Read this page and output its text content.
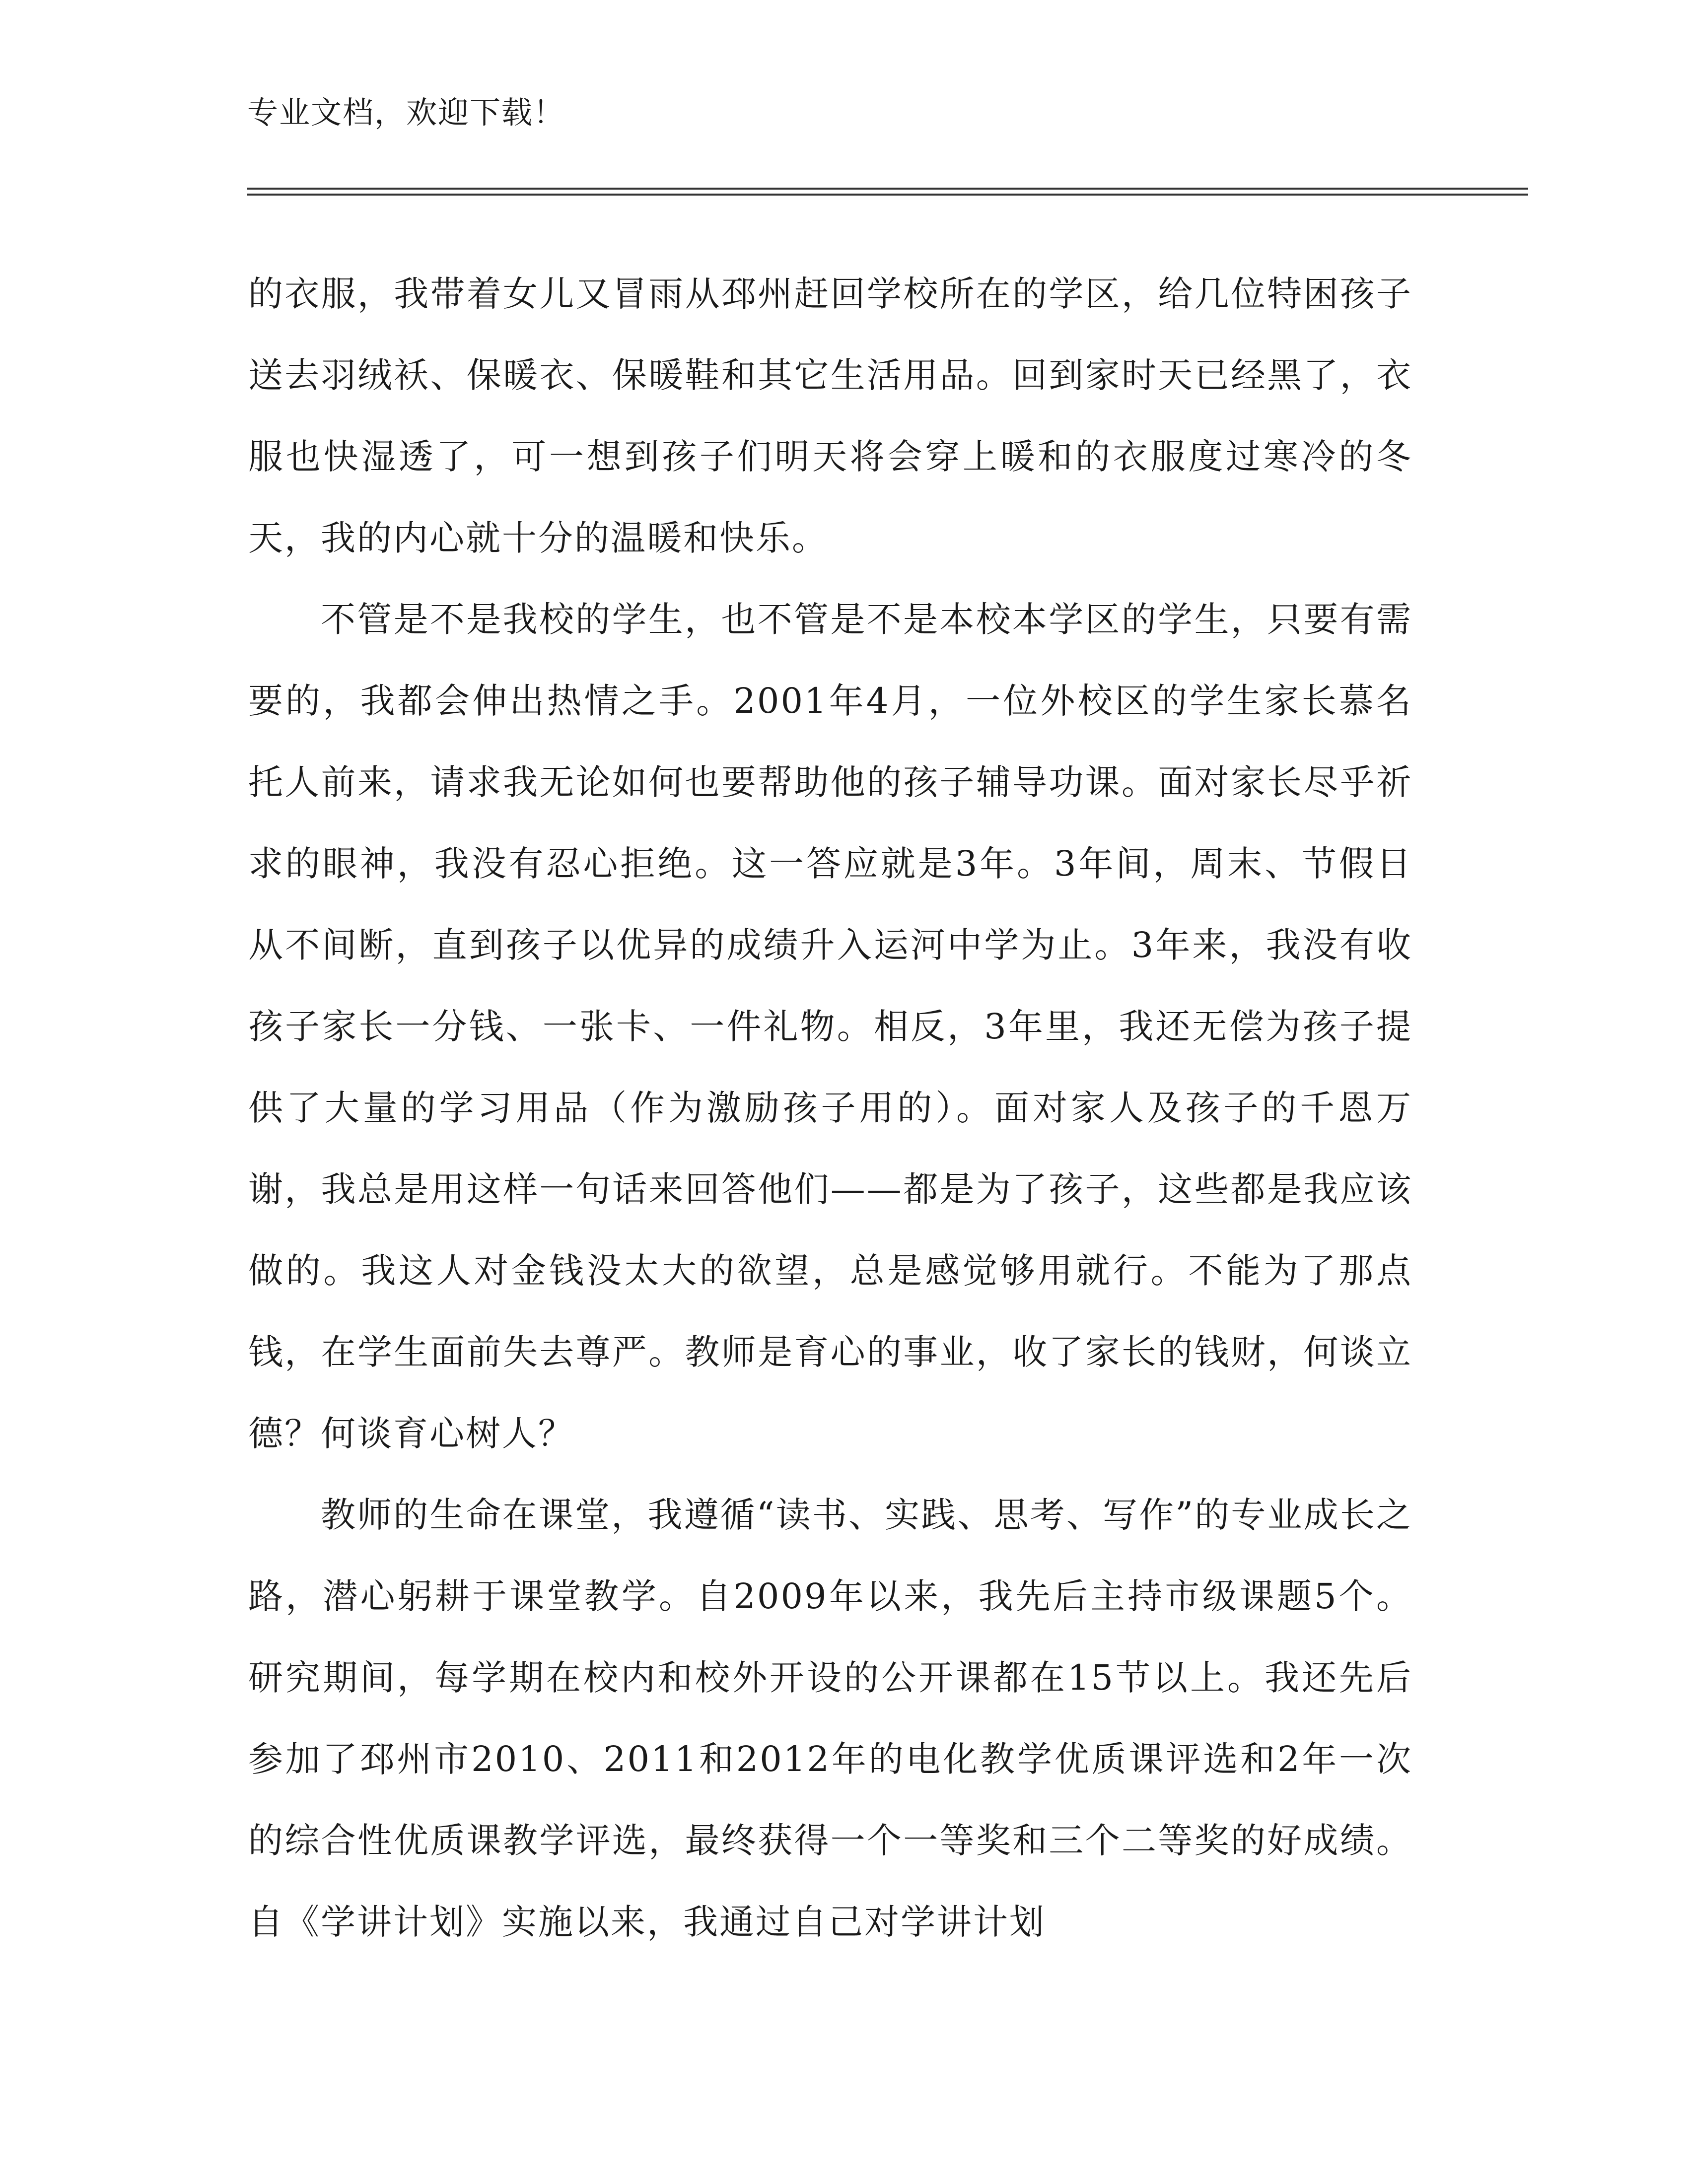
专业文档，欢迎下载！

的衣服，我带着女儿又冒雨从邳州赶回学校所在的学区，给几位特困孩子送去羽绒袄、保暖衣、保暖鞋和其它生活用品。回到家时天已经黑了，衣服也快湿透了，可一想到孩子们明天将会穿上暖和的衣服度过寒冷的冬天，我的内心就十分的温暖和快乐。

不管是不是我校的学生，也不管是不是本校本学区的学生，只要有需要的，我都会伸出热情之手。2001年4月，一位外校区的学生家长慕名托人前来，请求我无论如何也要帮助他的孩子辅导功课。面对家长尽乎祈求的眼神，我没有忍心拒绝。这一答应就是3年。3年间，周末、节假日从不间断，直到孩子以优异的成绩升入运河中学为止。3年来，我没有收孩子家长一分钱、一张卡、一件礼物。相反，3年里，我还无偿为孩子提供了大量的学习用品（作为激励孩子用的）。面对家人及孩子的千恩万谢，我总是用这样一句话来回答他们——都是为了孩子，这些都是我应该做的。我这人对金钱没太大的欲望，总是感觉够用就行。不能为了那点钱，在学生面前失去尊严。教师是育心的事业，收了家长的钱财，何谈立德？何谈育心树人？

教师的生命在课堂，我遵循“读书、实践、思考、写作”的专业成长之路，潜心躬耕于课堂教学。自2009年以来，我先后主持市级课题5个。研究期间，每学期在校内和校外开设的公开课都在15节以上。我还先后参加了邳州市2010、2011和2012年的电化教学优质课评选和2年一次的综合性优质课教学评选，最终获得一个一等奖和三个二等奖的好成绩。自《学讲计划》实施以来，我通过自己对学讲计划
